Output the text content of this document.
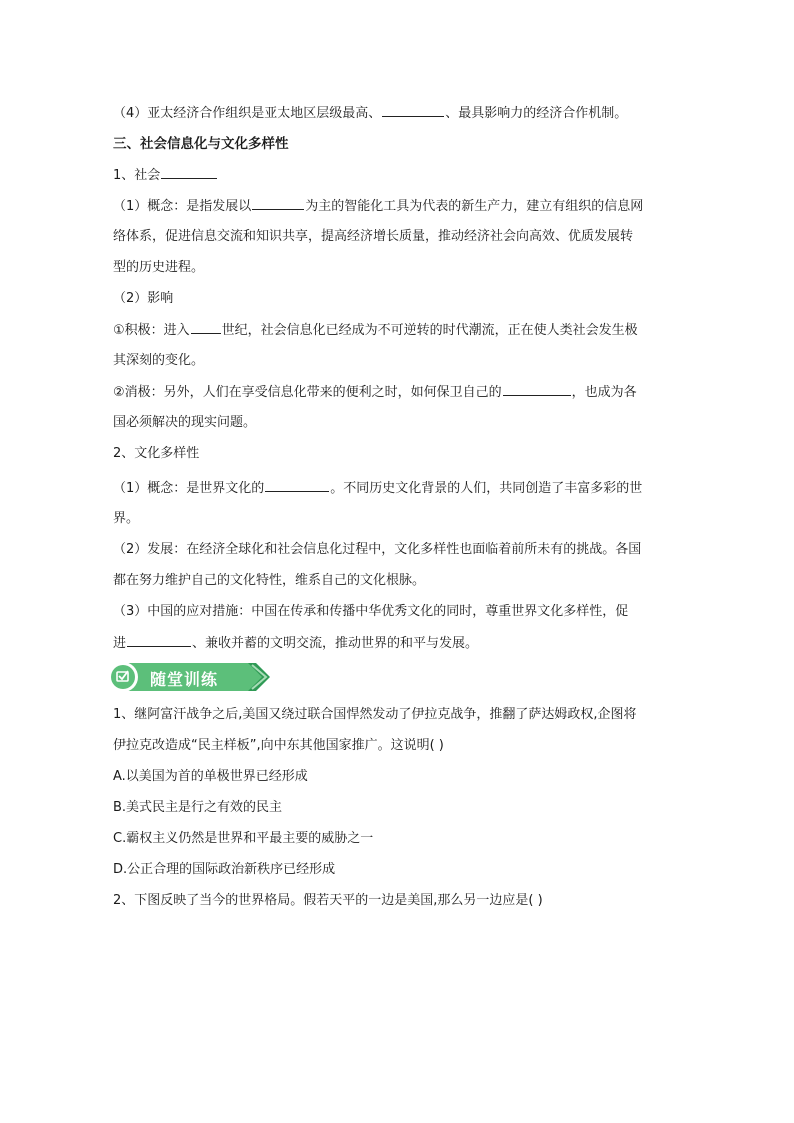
（4）亚太经济合作组织是亚太地区层级最高、	、最具影响力的经济合作机制。
三、社会信息化与文化多样性
1、社会
（1）概念：是指发展以	为主的智能化工具为代表的新生产力，建立有组织的信息网
络体系，促进信息交流和知识共享，提高经济增长质量，推动经济社会向高效、优质发展转
型的历史进程。
（2）影响
①积极：进入 世纪，社会信息化已经成为不可逆转的时代潮流，正在使人类社会发生极
其深刻的变化。
②消极：另外，人们在享受信息化带来的便利之时，如何保卫自己的	，也成为各
国必须解决的现实问题。
2、文化多样性
（1）概念：是世界文化的	。不同历史文化背景的人们，共同创造了丰富多彩的世
界。
（2）发展：在经济全球化和社会信息化过程中，文化多样性也面临着前所未有的挑战。各国
都在努力维护自己的文化特性，维系自己的文化根脉。
（3）中国的应对措施：中国在传承和传播中华优秀文化的同时，尊重世界文化多样性，促
进	、兼收并蓄的文明交流，推动世界的和平与发展。
随堂训练
1、继阿富汗战争之后,美国又绕过联合国悍然发动了伊拉克战争，推翻了萨达姆政权,企图将
伊拉克改造成“民主样板”,向中东其他国家推广。这说明( )
A.以美国为首的单极世界已经形成
B.美式民主是行之有效的民主
C.霸权主义仍然是世界和平最主要的威胁之一
D.公正合理的国际政治新秩序已经形成
2、下图反映了当今的世界格局。假若天平的一边是美国,那么另一边应是( )
